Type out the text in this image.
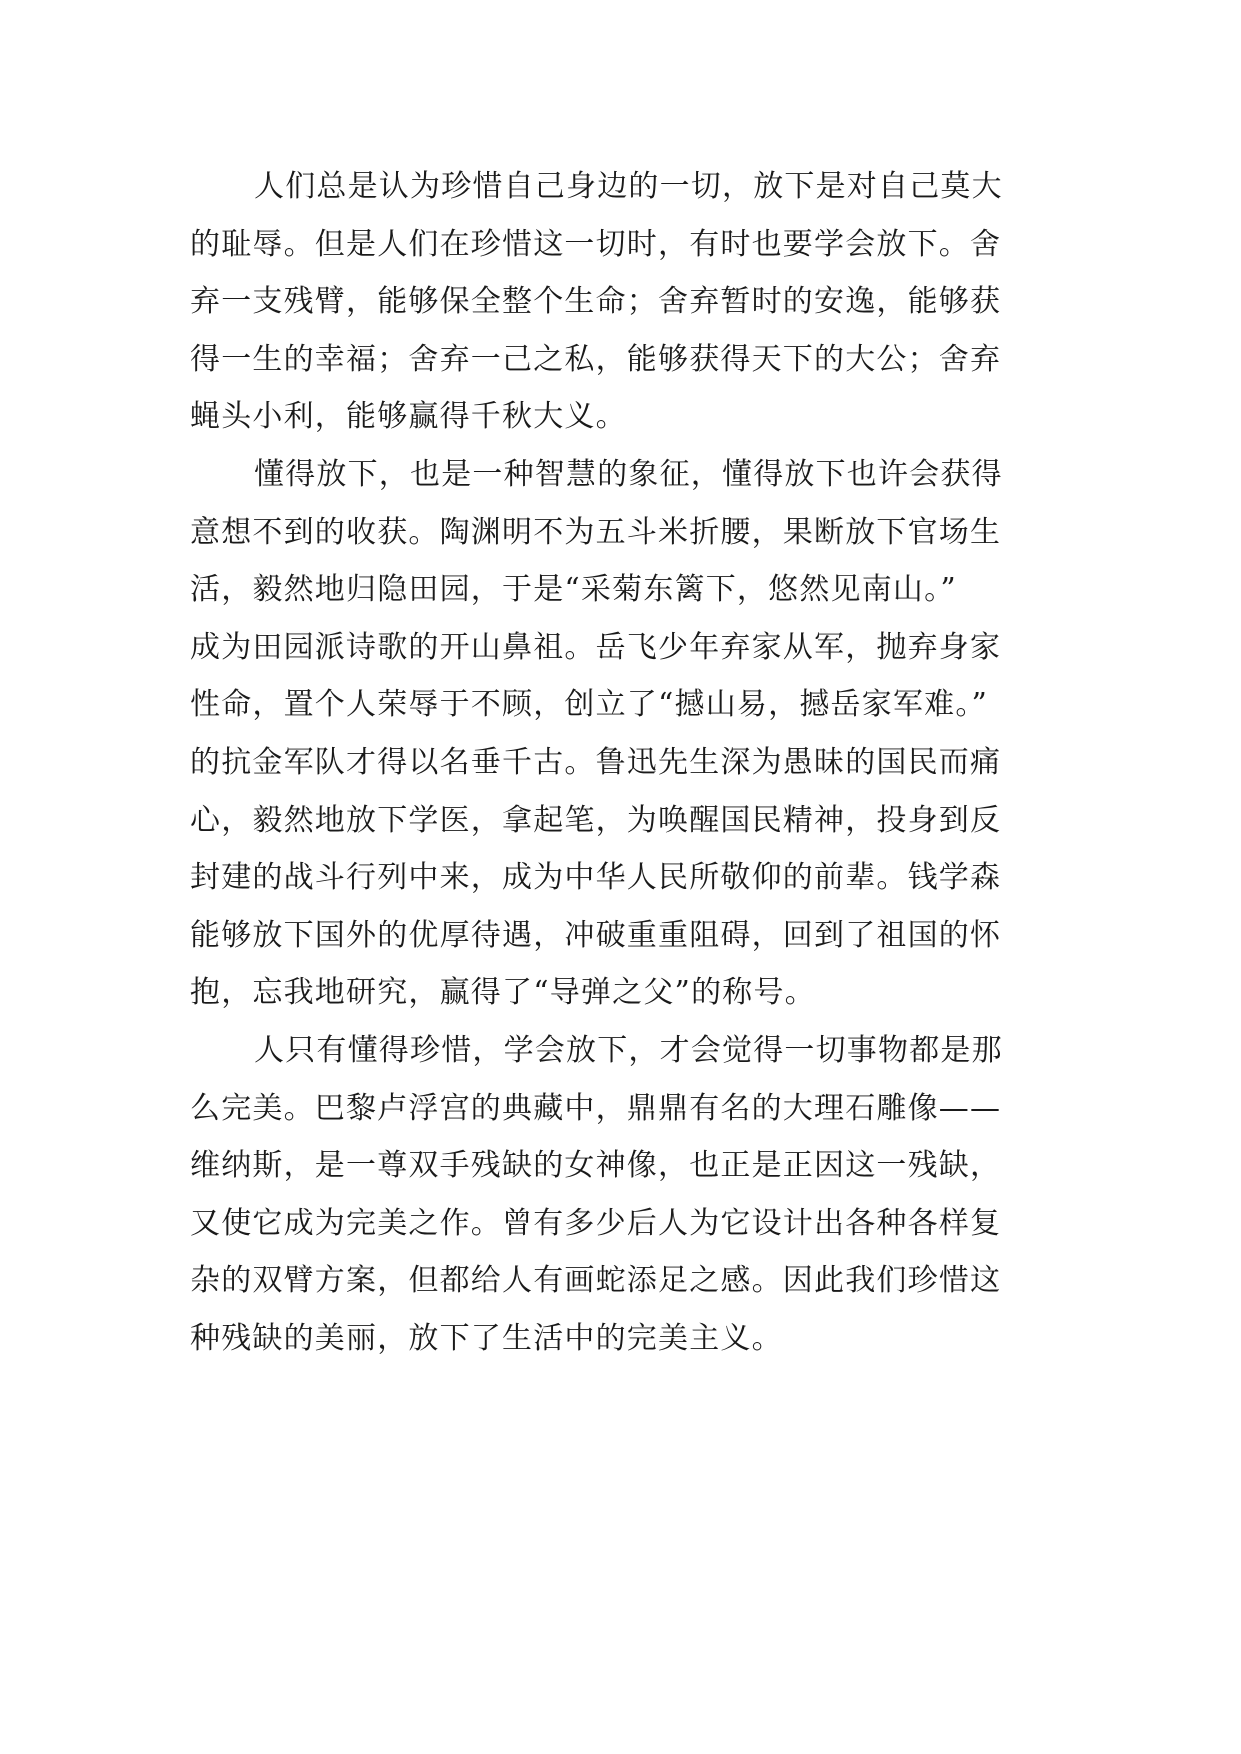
人们总是认为珍惜自己身边的一切，放下是对自己莫大
的耻辱。但是人们在珍惜这一切时，有时也要学会放下。舍
弃一支残臂，能够保全整个生命；舍弃暂时的安逸，能够获
得一生的幸福；舍弃一己之私，能够获得天下的大公；舍弃
蝇头小利，能够赢得千秋大义。
懂得放下，也是一种智慧的象征，懂得放下也许会获得
意想不到的收获。陶渊明不为五斗米折腰，果断放下官场生
活，毅然地归隐田园，于是“采菊东篱下，悠然见南山。”
成为田园派诗歌的开山鼻祖。岳飞少年弃家从军，抛弃身家
性命，置个人荣辱于不顾，创立了“撼山易，撼岳家军难。”
的抗金军队才得以名垂千古。鲁迅先生深为愚昧的国民而痛
心，毅然地放下学医，拿起笔，为唤醒国民精神，投身到反
封建的战斗行列中来，成为中华人民所敬仰的前辈。钱学森
能够放下国外的优厚待遇，冲破重重阻碍，回到了祖国的怀
抱，忘我地研究，赢得了“导弹之父”的称号。
人只有懂得珍惜，学会放下，才会觉得一切事物都是那
么完美。巴黎卢浮宫的典藏中，鼎鼎有名的大理石雕像——
维纳斯，是一尊双手残缺的女神像，也正是正因这一残缺，
又使它成为完美之作。曾有多少后人为它设计出各种各样复
杂的双臂方案，但都给人有画蛇添足之感。因此我们珍惜这
种残缺的美丽，放下了生活中的完美主义。
